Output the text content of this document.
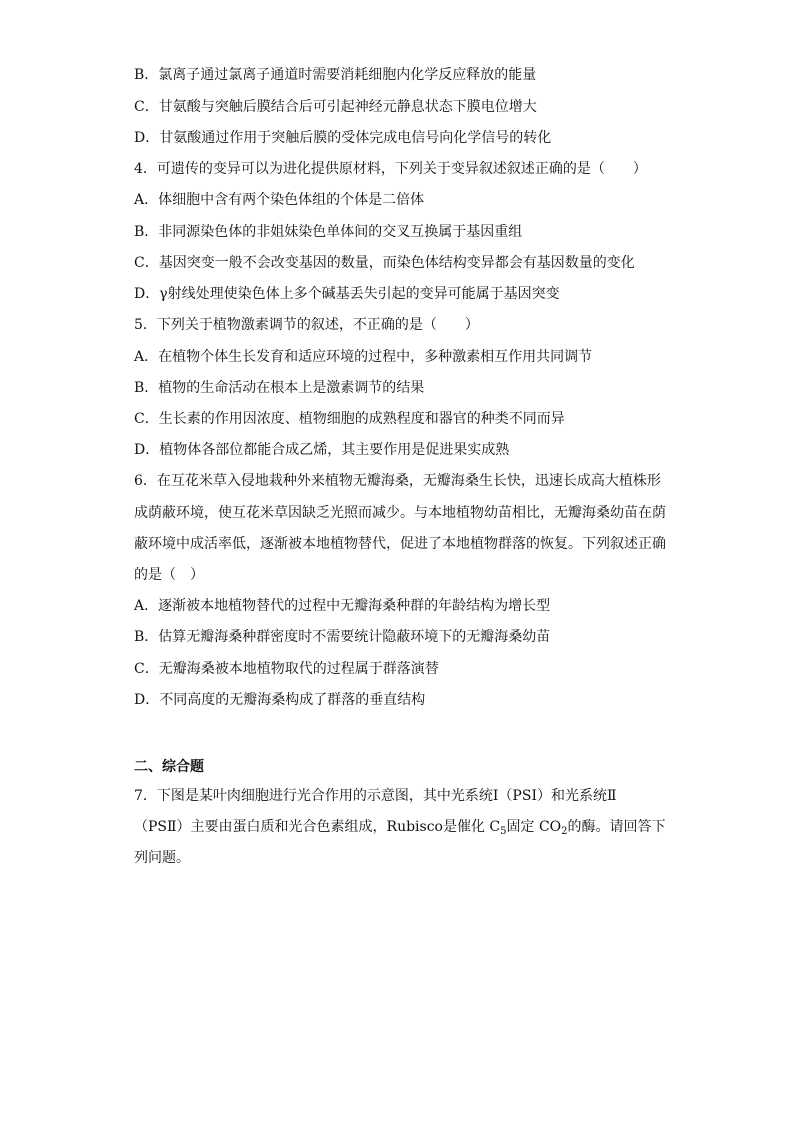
B．氯离子通过氯离子通道时需要消耗细胞内化学反应释放的能量
C．甘氨酸与突触后膜结合后可引起神经元静息状态下膜电位增大
D．甘氨酸通过作用于突触后膜的受体完成电信号向化学信号的转化
4．可遗传的变异可以为进化提供原材料，下列关于变异叙述叙述正确的是（　　）
A．体细胞中含有两个染色体组的个体是二倍体
B．非同源染色体的非姐妹染色单体间的交叉互换属于基因重组
C．基因突变一般不会改变基因的数量，而染色体结构变异都会有基因数量的变化
D．γ射线处理使染色体上多个碱基丢失引起的变异可能属于基因突变
5．下列关于植物激素调节的叙述，不正确的是（　　）
A．在植物个体生长发育和适应环境的过程中，多种激素相互作用共同调节
B．植物的生命活动在根本上是激素调节的结果
C．生长素的作用因浓度、植物细胞的成熟程度和器官的种类不同而异
D．植物体各部位都能合成乙烯，其主要作用是促进果实成熟
6．在互花米草入侵地栽种外来植物无瓣海桑，无瓣海桑生长快，迅速长成高大植株形
成荫蔽环境，使互花米草因缺乏光照而减少。与本地植物幼苗相比，无瓣海桑幼苗在荫
蔽环境中成活率低，逐渐被本地植物替代，促进了本地植物群落的恢复。下列叙述正确
的是（　）
A．逐渐被本地植物替代的过程中无瓣海桑种群的年龄结构为增长型
B．估算无瓣海桑种群密度时不需要统计隐蔽环境下的无瓣海桑幼苗
C．无瓣海桑被本地植物取代的过程属于群落演替
D．不同高度的无瓣海桑构成了群落的垂直结构
二、综合题
7．下图是某叶肉细胞进行光合作用的示意图，其中光系统Ⅰ（PSI）和光系统Ⅱ
（PSⅡ）主要由蛋白质和光合色素组成，Rubisco是催化 $C_5$固定 $CO_2$的酶。请回答下
列问题。
